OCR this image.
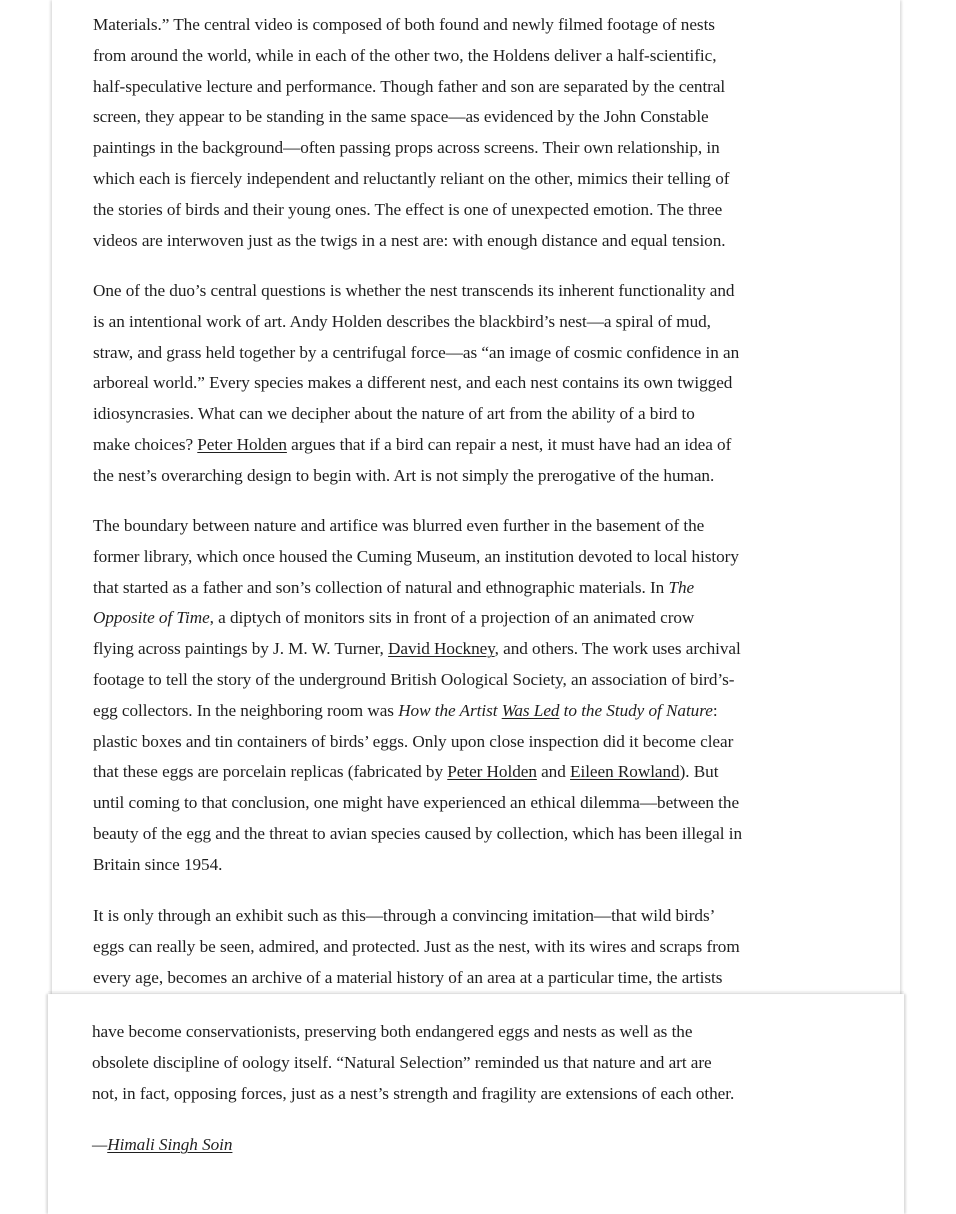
Materials.” The central video is composed of both found and newly filmed footage of nests
from around the world, while in each of the other two, the Holdens deliver a half-scientific,
half-speculative lecture and performance. Though father and son are separated by the central
screen, they appear to be standing in the same space—as evidenced by the John Constable
paintings in the background—often passing props across screens. Their own relationship, in
which each is fiercely independent and reluctantly reliant on the other, mimics their telling of
the stories of birds and their young ones. The effect is one of unexpected emotion. The three
videos are interwoven just as the twigs in a nest are: with enough distance and equal tension.
One of the duo’s central questions is whether the nest transcends its inherent functionality and
is an intentional work of art. Andy Holden describes the blackbird’s nest—a spiral of mud,
straw, and grass held together by a centrifugal force—as “an image of cosmic confidence in an
arboreal world.” Every species makes a different nest, and each nest contains its own twigged
idiosyncrasies. What can we decipher about the nature of art from the ability of a bird to
make choices? Peter Holden argues that if a bird can repair a nest, it must have had an idea of
the nest’s overarching design to begin with. Art is not simply the prerogative of the human.
The boundary between nature and artifice was blurred even further in the basement of the
former library, which once housed the Cuming Museum, an institution devoted to local history
that started as a father and son’s collection of natural and ethnographic materials. In The
Opposite of Time, a diptych of monitors sits in front of a projection of an animated crow
flying across paintings by J. M. W. Turner, David Hockney, and others. The work uses archival
footage to tell the story of the underground British Oological Society, an association of bird’s-
egg collectors. In the neighboring room was How the Artist Was Led to the Study of Nature:
plastic boxes and tin containers of birds’ eggs. Only upon close inspection did it become clear
that these eggs are porcelain replicas (fabricated by Peter Holden and Eileen Rowland). But
until coming to that conclusion, one might have experienced an ethical dilemma—between the
beauty of the egg and the threat to avian species caused by collection, which has been illegal in
Britain since 1954.
It is only through an exhibit such as this—through a convincing imitation—that wild birds’
eggs can really be seen, admired, and protected. Just as the nest, with its wires and scraps from
every age, becomes an archive of a material history of an area at a particular time, the artists
have become conservationists, preserving both endangered eggs and nests as well as the
obsolete discipline of oology itself. “Natural Selection” reminded us that nature and art are
not, in fact, opposing forces, just as a nest’s strength and fragility are extensions of each other.
—Himali Singh Soin
